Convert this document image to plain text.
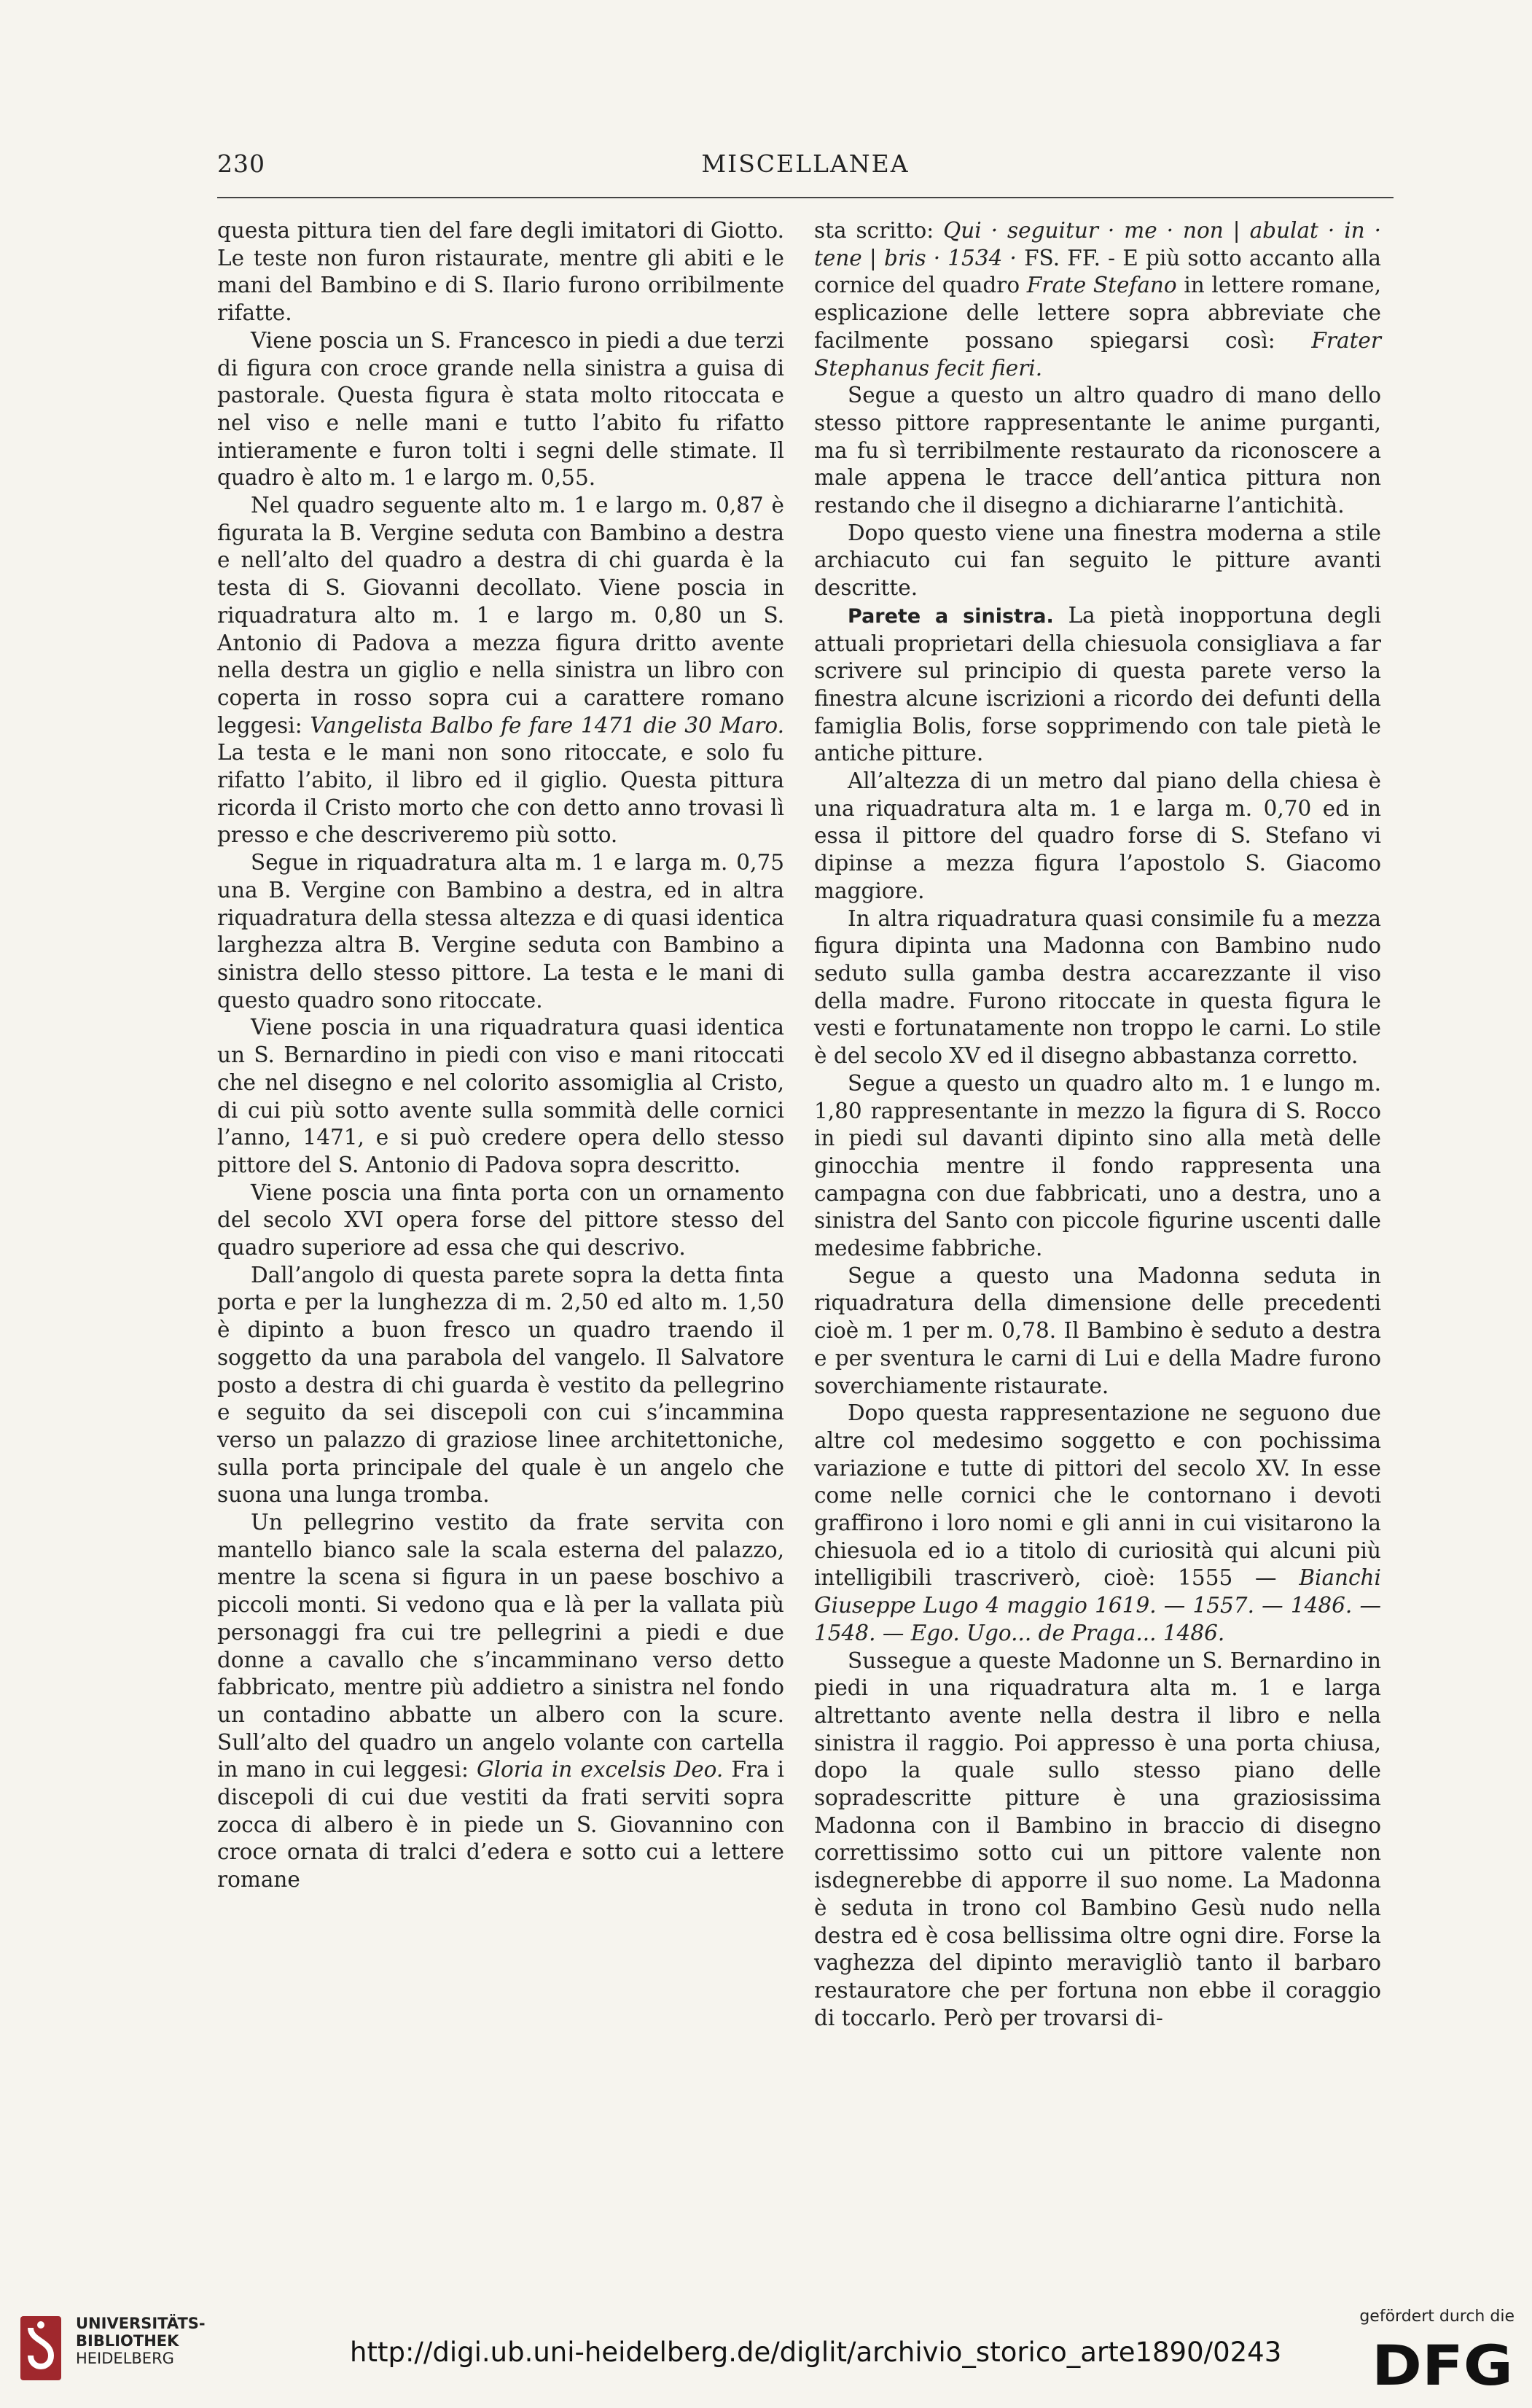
230	MISCELLANEA

questa pittura tien del fare degli imitatori di Giotto. Le teste non furon ristaurate, mentre gli abiti e le mani del Bambino e di S. Ilario furono orribilmente rifatte.

Viene poscia un S. Francesco in piedi a due terzi di figura con croce grande nella sinistra a guisa di pastorale. Questa figura è stata molto ritoccata e nel viso e nelle mani e tutto l’abito fu rifatto intieramente e furon tolti i segni delle stimate. Il quadro è alto m. 1 e largo m. 0,55.

Nel quadro seguente alto m. 1 e largo m. 0,87 è figurata la B. Vergine seduta con Bambino a destra e nell’alto del quadro a destra di chi guarda è la testa di S. Giovanni decollato. Viene poscia in riquadratura alto m. 1 e largo m. 0,80 un S. Antonio di Padova a mezza figura dritto avente nella destra un giglio e nella sinistra un libro con coperta in rosso sopra cui a carattere romano leggesi: Vangelista Balbo fe fare 1471 die 30 Maro. La testa e le mani non sono ritoccate, e solo fu rifatto l’abito, il libro ed il giglio. Questa pittura ricorda il Cristo morto che con detto anno trovasi lì presso e che descriveremo più sotto.

Segue in riquadratura alta m. 1 e larga m. 0,75 una B. Vergine con Bambino a destra, ed in altra riquadratura della stessa altezza e di quasi identica larghezza altra B. Vergine seduta con Bambino a sinistra dello stesso pittore. La testa e le mani di questo quadro sono ritoccate.

Viene poscia in una riquadratura quasi identica un S. Bernardino in piedi con viso e mani ritoccati che nel disegno e nel colorito assomiglia al Cristo, di cui più sotto avente sulla sommità delle cornici l’anno, 1471, e si può credere opera dello stesso pittore del S. Antonio di Padova sopra descritto.

Viene poscia una finta porta con un ornamento del secolo XVI opera forse del pittore stesso del quadro superiore ad essa che qui descrivo.

Dall’angolo di questa parete sopra la detta finta porta e per la lunghezza di m. 2,50 ed alto m. 1,50 è dipinto a buon fresco un quadro traendo il soggetto da una parabola del vangelo. Il Salvatore posto a destra di chi guarda è vestito da pellegrino e seguito da sei discepoli con cui s’incammina verso un palazzo di graziose linee architettoniche, sulla porta principale del quale è un angelo che suona una lunga tromba.

Un pellegrino vestito da frate servita con mantello bianco sale la scala esterna del palazzo, mentre la scena si figura in un paese boschivo a piccoli monti. Si vedono qua e là per la vallata più personaggi fra cui tre pellegrini a piedi e due donne a cavallo che s’incamminano verso detto fabbricato, mentre più addietro a sinistra nel fondo un contadino abbatte un albero con la scure. Sull’alto del quadro un angelo volante con cartella in mano in cui leggesi: Gloria in excelsis Deo. Fra i discepoli di cui due vestiti da frati serviti sopra zocca di albero è in piede un S. Giovannino con croce ornata di tralci d’edera e sotto cui a lettere romane

sta scritto: Qui · seguitur · me · non | abulat · in · tene | bris · 1534 · FS. FF. - E più sotto accanto alla cornice del quadro Frate Stefano in lettere romane, esplicazione delle lettere sopra abbreviate che facilmente possano spiegarsi così: Frater Stephanus fecit fieri.

Segue a questo un altro quadro di mano dello stesso pittore rappresentante le anime purganti, ma fu sì terribilmente restaurato da riconoscere a male appena le tracce dell’antica pittura non restando che il disegno a dichiararne l’antichità.

Dopo questo viene una finestra moderna a stile archiacuto cui fan seguito le pitture avanti descritte.

Parete a sinistra. La pietà inopportuna degli attuali proprietari della chiesuola consigliava a far scrivere sul principio di questa parete verso la finestra alcune iscrizioni a ricordo dei defunti della famiglia Bolis, forse sopprimendo con tale pietà le antiche pitture.

All’altezza di un metro dal piano della chiesa è una riquadratura alta m. 1 e larga m. 0,70 ed in essa il pittore del quadro forse di S. Stefano vi dipinse a mezza figura l’apostolo S. Giacomo maggiore.

In altra riquadratura quasi consimile fu a mezza figura dipinta una Madonna con Bambino nudo seduto sulla gamba destra accarezzante il viso della madre. Furono ritoccate in questa figura le vesti e fortunatamente non troppo le carni. Lo stile è del secolo XV ed il disegno abbastanza corretto.

Segue a questo un quadro alto m. 1 e lungo m. 1,80 rappresentante in mezzo la figura di S. Rocco in piedi sul davanti dipinto sino alla metà delle ginocchia mentre il fondo rappresenta una campagna con due fabbricati, uno a destra, uno a sinistra del Santo con piccole figurine uscenti dalle medesime fabbriche.

Segue a questo una Madonna seduta in riquadratura della dimensione delle precedenti cioè m. 1 per m. 0,78. Il Bambino è seduto a destra e per sventura le carni di Lui e della Madre furono soverchiamente ristaurate.

Dopo questa rappresentazione ne seguono due altre col medesimo soggetto e con pochissima variazione e tutte di pittori del secolo XV. In esse come nelle cornici che le contornano i devoti graffirono i loro nomi e gli anni in cui visitarono la chiesuola ed io a titolo di curiosità qui alcuni più intelligibili trascriverò, cioè: 1555 — Bianchi Giuseppe Lugo 4 maggio 1619. — 1557. — 1486. — 1548. — Ego. Ugo... de Praga... 1486.

Sussegue a queste Madonne un S. Bernardino in piedi in una riquadratura alta m. 1 e larga altrettanto avente nella destra il libro e nella sinistra il raggio. Poi appresso è una porta chiusa, dopo la quale sullo stesso piano delle sopradescritte pitture è una graziosissima Madonna con il Bambino in braccio di disegno correttissimo sotto cui un pittore valente non isdegnerebbe di apporre il suo nome. La Madonna è seduta in trono col Bambino Gesù nudo nella destra ed è cosa bellissima oltre ogni dire. Forse la vaghezza del dipinto meravigliò tanto il barbaro restauratore che per fortuna non ebbe il coraggio di toccarlo. Però per trovarsi di-

UNIVERSITÄTS-
BIBLIOTHEK
HEIDELBERG	http://digi.ub.uni-heidelberg.de/diglit/archivio_storico_arte1890/0243
gefördert durch die
DFG
